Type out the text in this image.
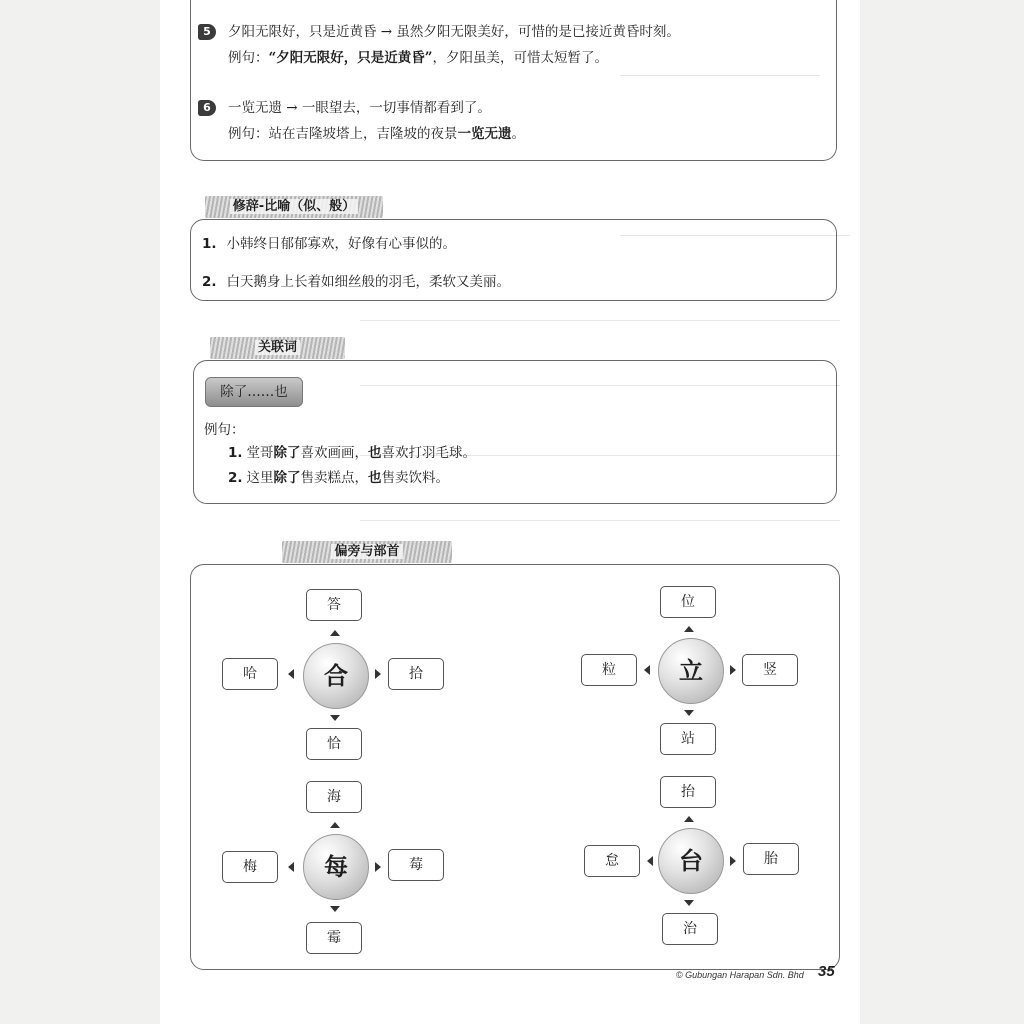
5	夕阳无限好，只是近黄昏 → 虽然夕阳无限美好，可惜的是已接近黄昏时刻。
例句：“夕阳无限好，只是近黄昏”，夕阳虽美，可惜太短暂了。
6	一览无遗 → 一眼望去，一切事情都看到了。
例句：站在吉隆坡塔上，吉隆坡的夜景一览无遗。
修辞-比喻（似、般）
1. 小韩终日郁郁寡欢，好像有心事似的。
2. 白天鹅身上长着如细丝般的羽毛，柔软又美丽。
关联词
除了……也
例句：
1. 堂哥除了喜欢画画，也喜欢打羽毛球。
2. 这里除了售卖糕点，也售卖饮料。
偏旁与部首
答
哈	合	拾
恰
位
粒	立	竖
站
海
梅	每	莓
霉
抬
怠	台	胎
治
© Gubungan Harapan Sdn. Bhd 35
